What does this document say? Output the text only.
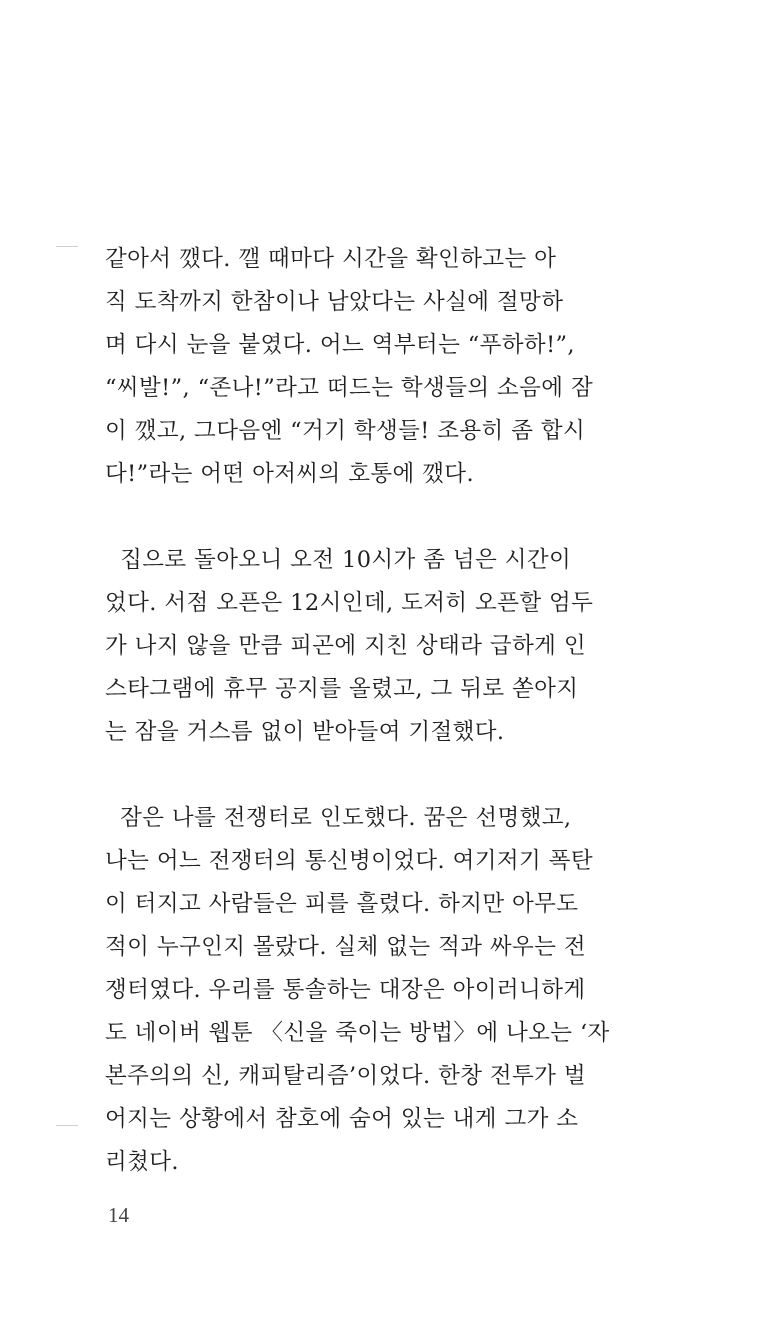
같아서 깼다. 깰 때마다 시간을 확인하고는 아
직 도착까지 한참이나 남았다는 사실에 절망하
며 다시 눈을 붙였다. 어느 역부터는 “푸하하!”,
“씨발!”, “존나!”라고 떠드는 학생들의 소음에 잠
이 깼고, 그다음엔 “거기 학생들! 조용히 좀 합시
다!”라는 어떤 아저씨의 호통에 깼다.

집으로 돌아오니 오전 10시가 좀 넘은 시간이
었다. 서점 오픈은 12시인데, 도저히 오픈할 엄두
가 나지 않을 만큼 피곤에 지친 상태라 급하게 인
스타그램에 휴무 공지를 올렸고, 그 뒤로 쏟아지
는 잠을 거스름 없이 받아들여 기절했다.

잠은 나를 전쟁터로 인도했다. 꿈은 선명했고,
나는 어느 전쟁터의 통신병이었다. 여기저기 폭탄
이 터지고 사람들은 피를 흘렸다. 하지만 아무도
적이 누구인지 몰랐다. 실체 없는 적과 싸우는 전
쟁터였다. 우리를 통솔하는 대장은 아이러니하게
도 네이버 웹툰 〈신을 죽이는 방법〉에 나오는 ‘자
본주의의 신, 캐피탈리즘’이었다. 한창 전투가 벌
어지는 상황에서 참호에 숨어 있는 내게 그가 소
리쳤다.

14
